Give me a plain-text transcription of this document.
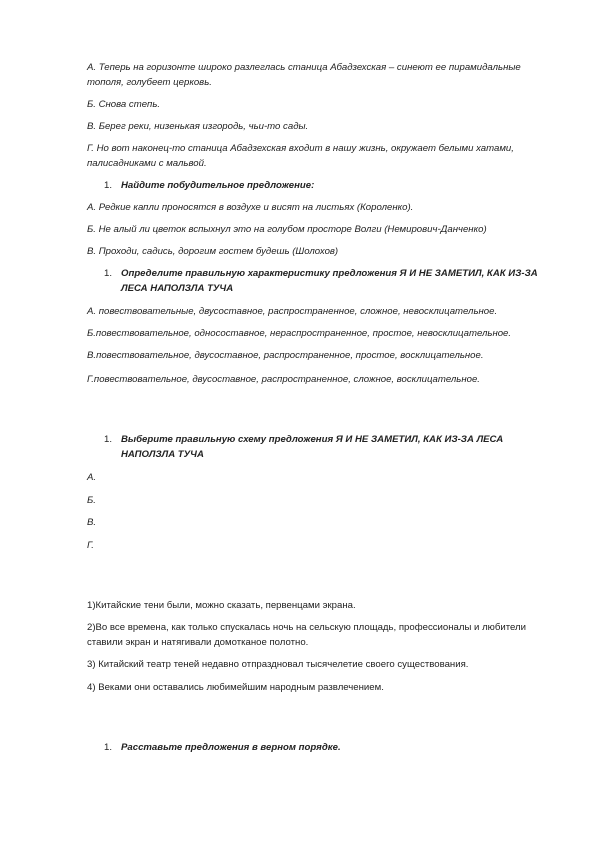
А. Теперь на горизонте широко разлеглась станица Абадзехская – синеют ее пирамидальные тополя, голубеет церковь.
Б. Снова степь.
В. Берег реки, низенькая изгородь, чьи-то сады.
Г. Но вот наконец-то станица Абадзехская входит в нашу жизнь, окружает белыми хатами, палисадниками с мальвой.
1. Найдите побудительное предложение:
А. Редкие капли проносятся в воздухе и висят на листьях (Короленко).
Б. Не алый ли цветок вспыхнул это на голубом просторе Волги (Немирович-Данченко)
В. Проходи, садись, дорогим гостем будешь (Шолохов)
1. Определите правильную характеристику предложения Я И НЕ ЗАМЕТИЛ, КАК ИЗ-ЗА ЛЕСА НАПОЛЗЛА ТУЧА
А. повествовательные, двусоставное, распространенное, сложное, невосклицательное.
Б.повествовательное, односоставное, нераспространенное, простое, невосклицательное.
В.повествовательное, двусоставное, распространенное, простое, восклицательное.
Г.повествовательное, двусоставное, распространенное, сложное, восклицательное.
1. Выберите правильную схему предложения Я И НЕ ЗАМЕТИЛ, КАК ИЗ-ЗА ЛЕСА НАПОЛЗЛА ТУЧА
А.
Б.
В.
Г.
1)Китайские тени были, можно сказать, первенцами экрана.
2)Во все времена, как только спускалась ночь на сельскую площадь, профессионалы и любители ставили экран и натягивали домотканое полотно.
3) Китайский театр теней недавно отпраздновал тысячелетие своего существования.
4) Веками они оставались любимейшим народным развлечением.
1. Расставьте предложения в верном порядке.
